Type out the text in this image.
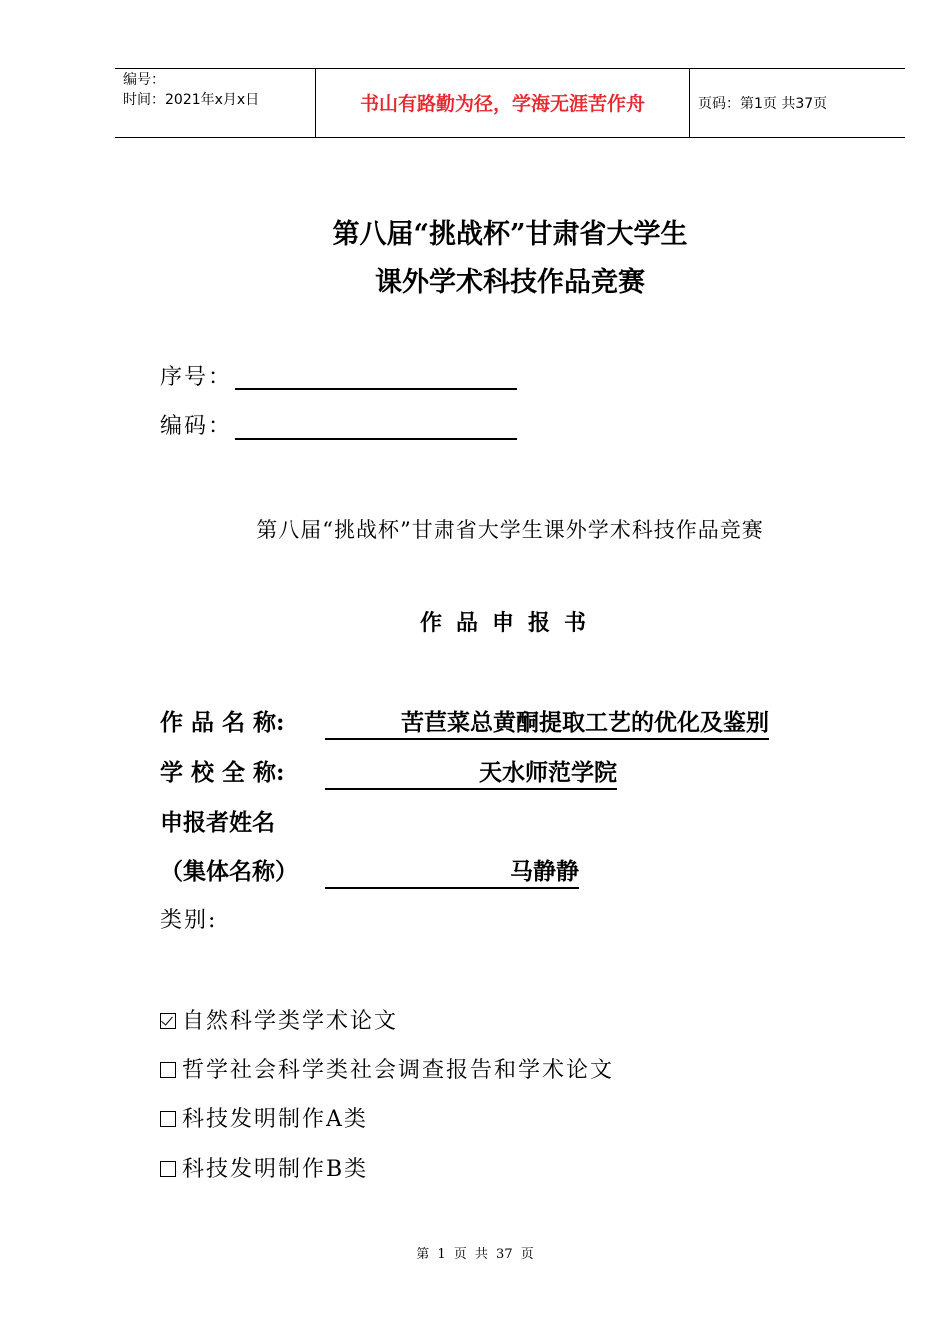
编号：
时间：2021年x月x日	书山有路勤为径，学海无涯苦作舟	页码：第1页 共37页
第八届“挑战杯”甘肃省大学生
课外学术科技作品竞赛
序号：
编码：
第八届“挑战杯”甘肃省大学生课外学术科技作品竞赛
作品申报书
作 品 名 称:	苦苣菜总黄酮提取工艺的优化及鉴别
学 校 全 称:	天水师范学院
申报者姓名
（集体名称）	马静静
类别:
自然科学类学术论文
哲学社会科学类社会调查报告和学术论文
科技发明制作A类
科技发明制作B类
第 1 页 共 37 页
